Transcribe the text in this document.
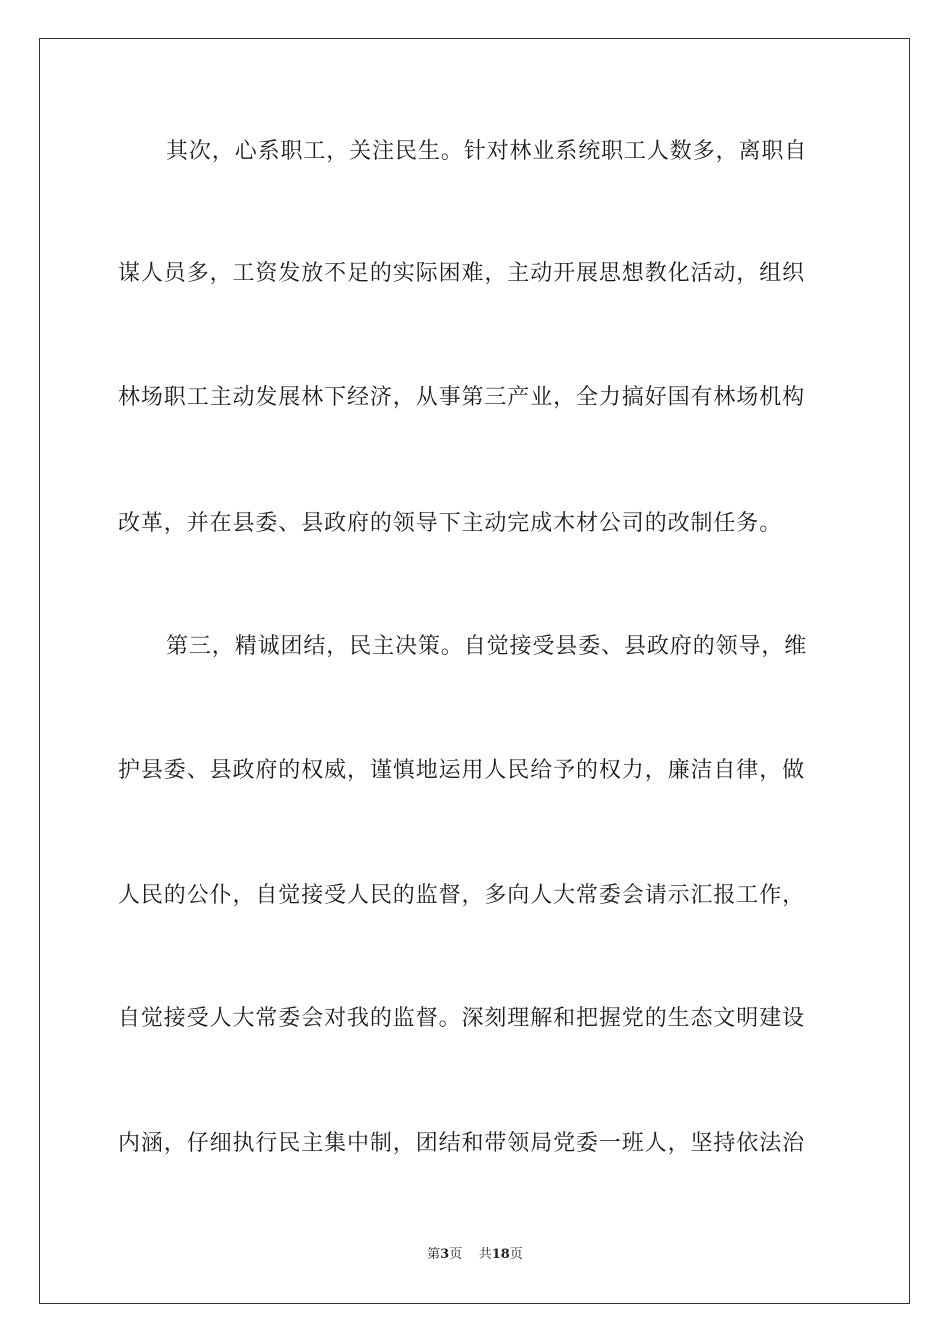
其次，心系职工，关注民生。针对林业系统职工人数多，离职自
谋人员多，工资发放不足的实际困难，主动开展思想教化活动，组织
林场职工主动发展林下经济，从事第三产业，全力搞好国有林场机构
改革，并在县委、县政府的领导下主动完成木材公司的改制任务。
第三，精诚团结，民主决策。自觉接受县委、县政府的领导，维
护县委、县政府的权威，谨慎地运用人民给予的权力，廉洁自律，做
人民的公仆，自觉接受人民的监督，多向人大常委会请示汇报工作，
自觉接受人大常委会对我的监督。深刻理解和把握党的生态文明建设
内涵，仔细执行民主集中制，团结和带领局党委一班人，坚持依法治
第3页 共18页
